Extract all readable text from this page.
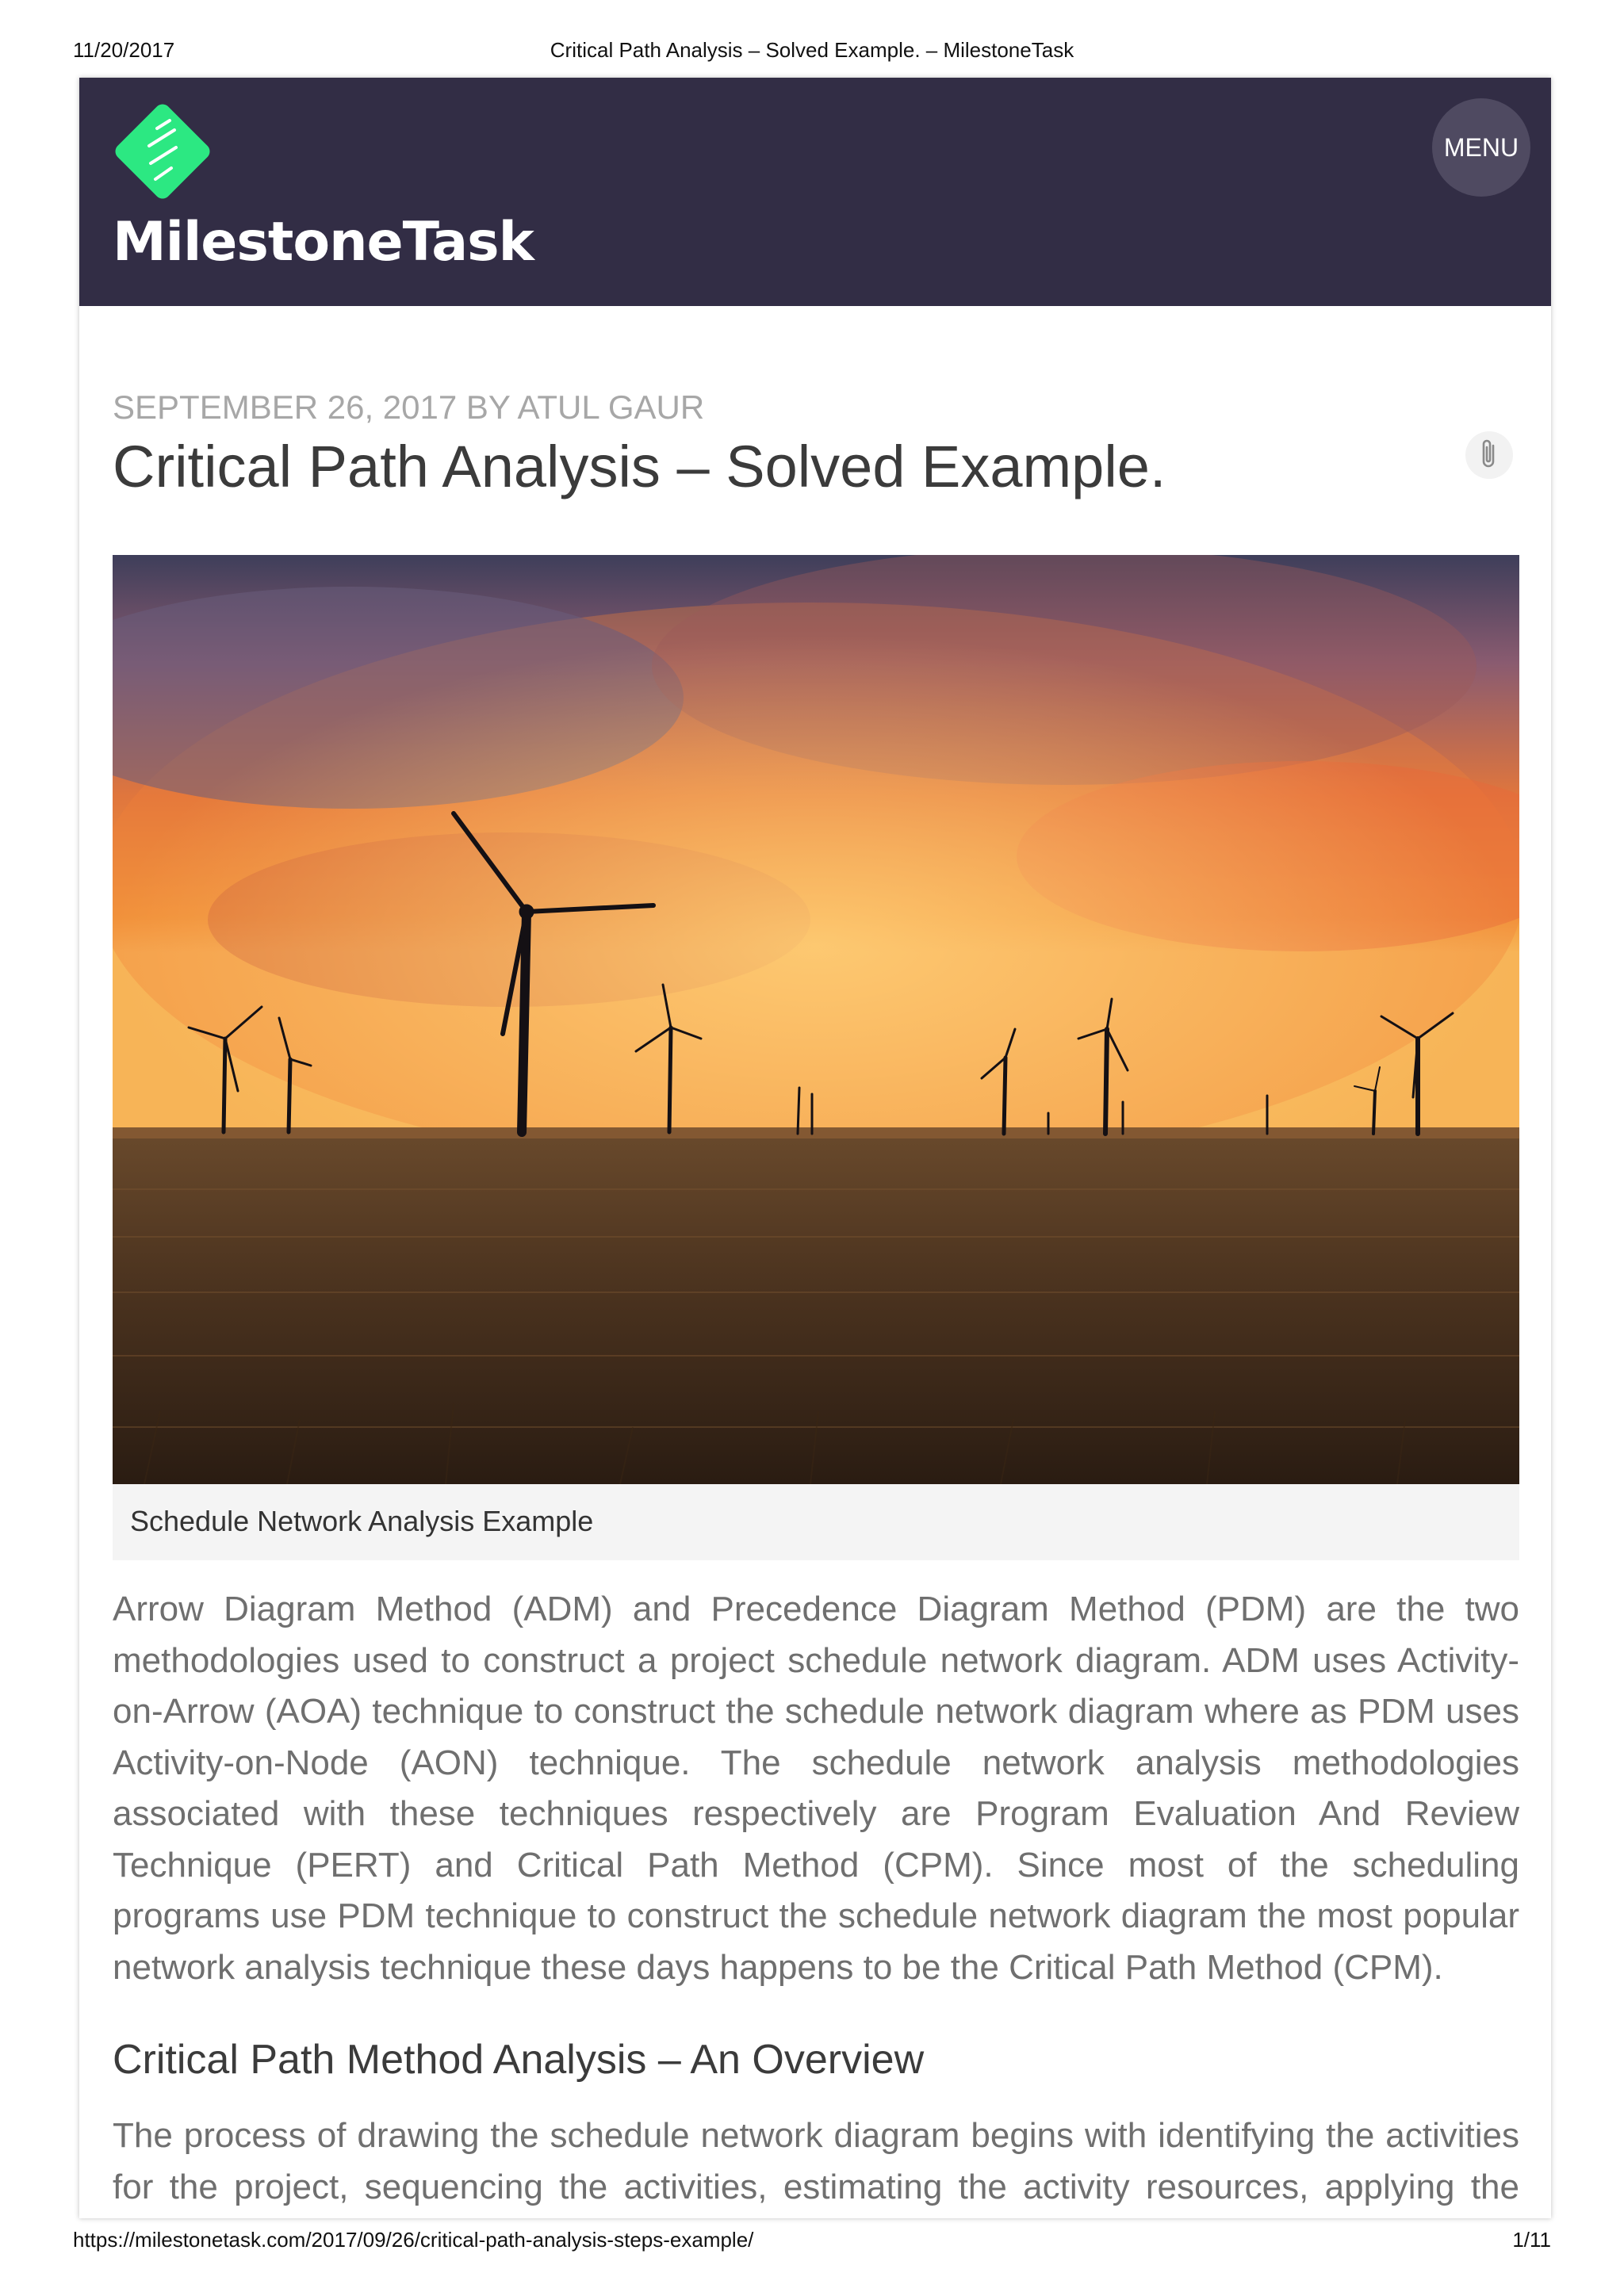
11/20/2017	Critical Path Analysis – Solved Example. – MilestoneTask
MilestoneTask
MENU
SEPTEMBER 26, 2017 BY ATUL GAUR
Critical Path Analysis – Solved Example.
Schedule Network Analysis Example

Arrow Diagram Method (ADM) and Precedence Diagram Method (PDM) are the two methodologies used to construct a project schedule network diagram. ADM uses Activity-on-Arrow (AOA) technique to construct the schedule network diagram where as PDM uses Activity-on-Node (AON) technique. The schedule network analysis methodologies associated with these techniques respectively are Program Evaluation And Review Technique (PERT) and Critical Path Method (CPM). Since most of the scheduling programs use PDM technique to construct the schedule network diagram the most popular network analysis technique these days happens to be the Critical Path Method (CPM).

Critical Path Method Analysis – An Overview

The process of drawing the schedule network diagram begins with identifying the activities for the project, sequencing the activities, estimating the activity resources, applying the

https://milestonetask.com/2017/09/26/critical-path-analysis-steps-example/	1/11
